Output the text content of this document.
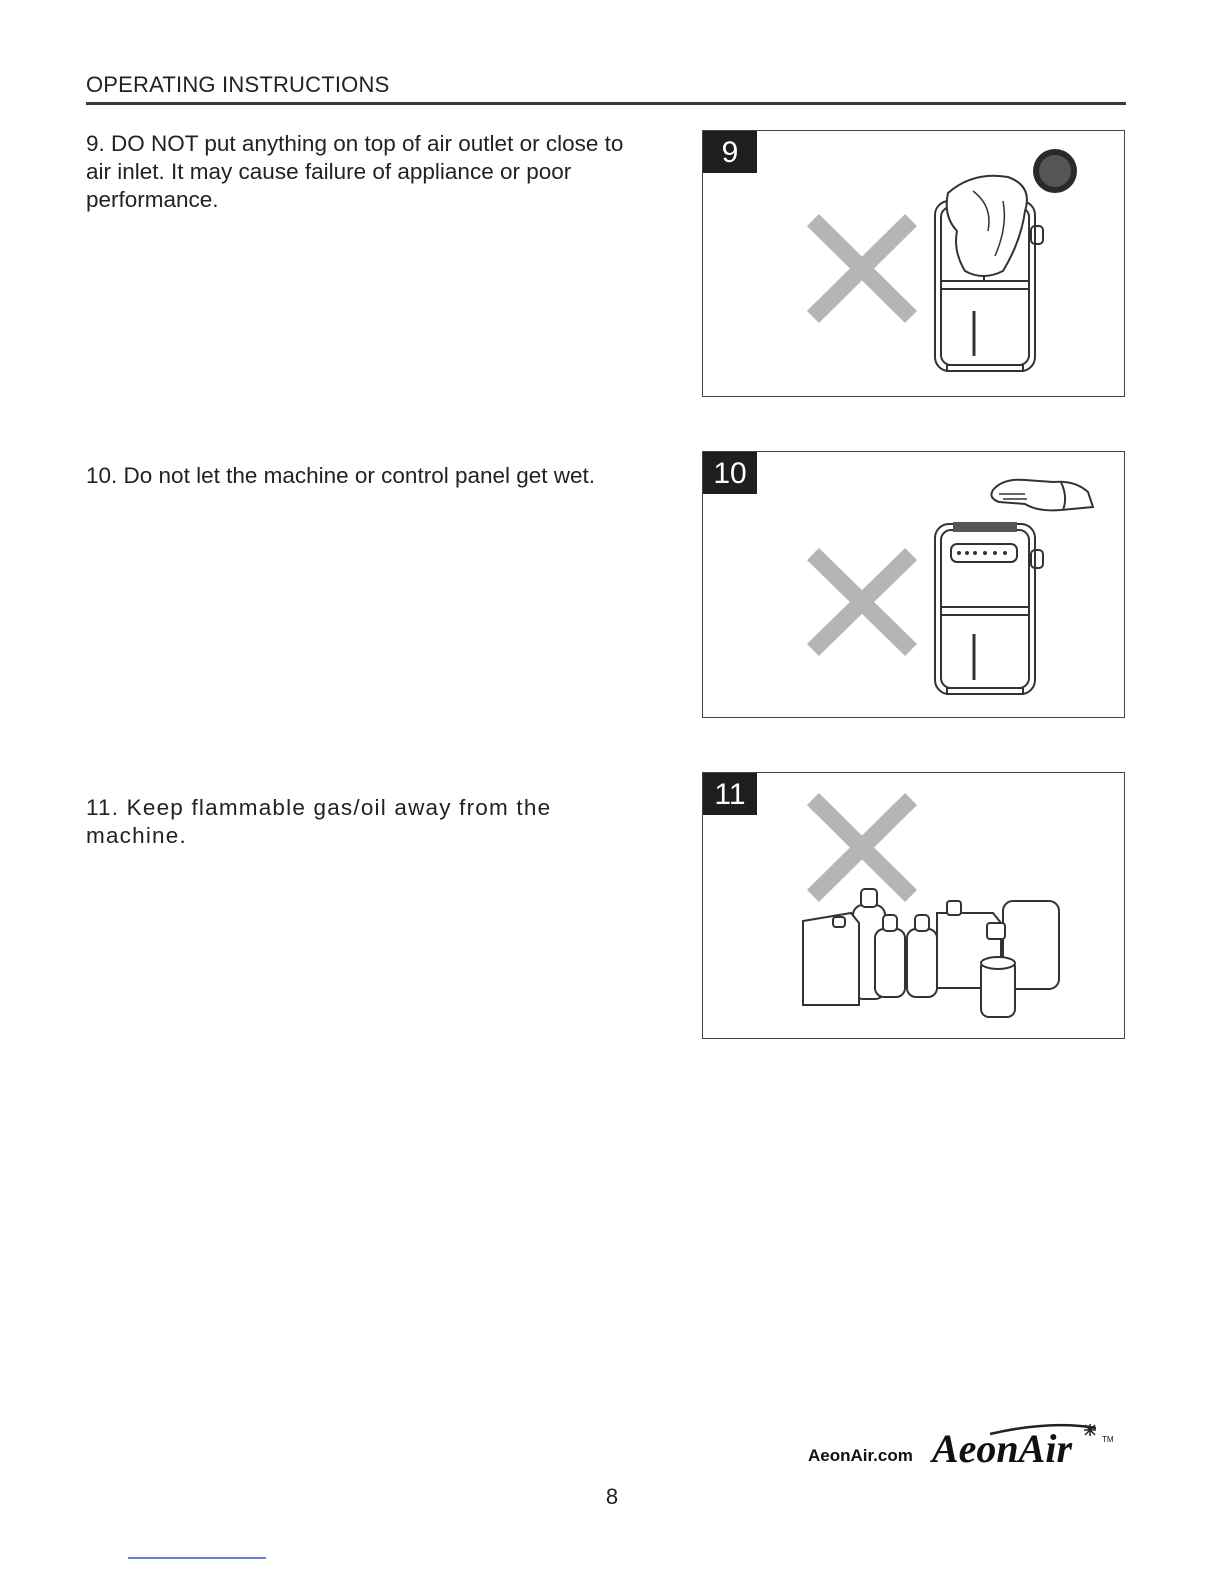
OPERATING INSTRUCTIONS
9. DO NOT put anything on top of air outlet or close to air inlet. It may cause failure of appliance or poor performance.
9
10. Do not let the machine or control panel get wet.	10
11. Keep flammable gas/oil away from the machine.
11
AeonAir.com AeonAir	TM
8
